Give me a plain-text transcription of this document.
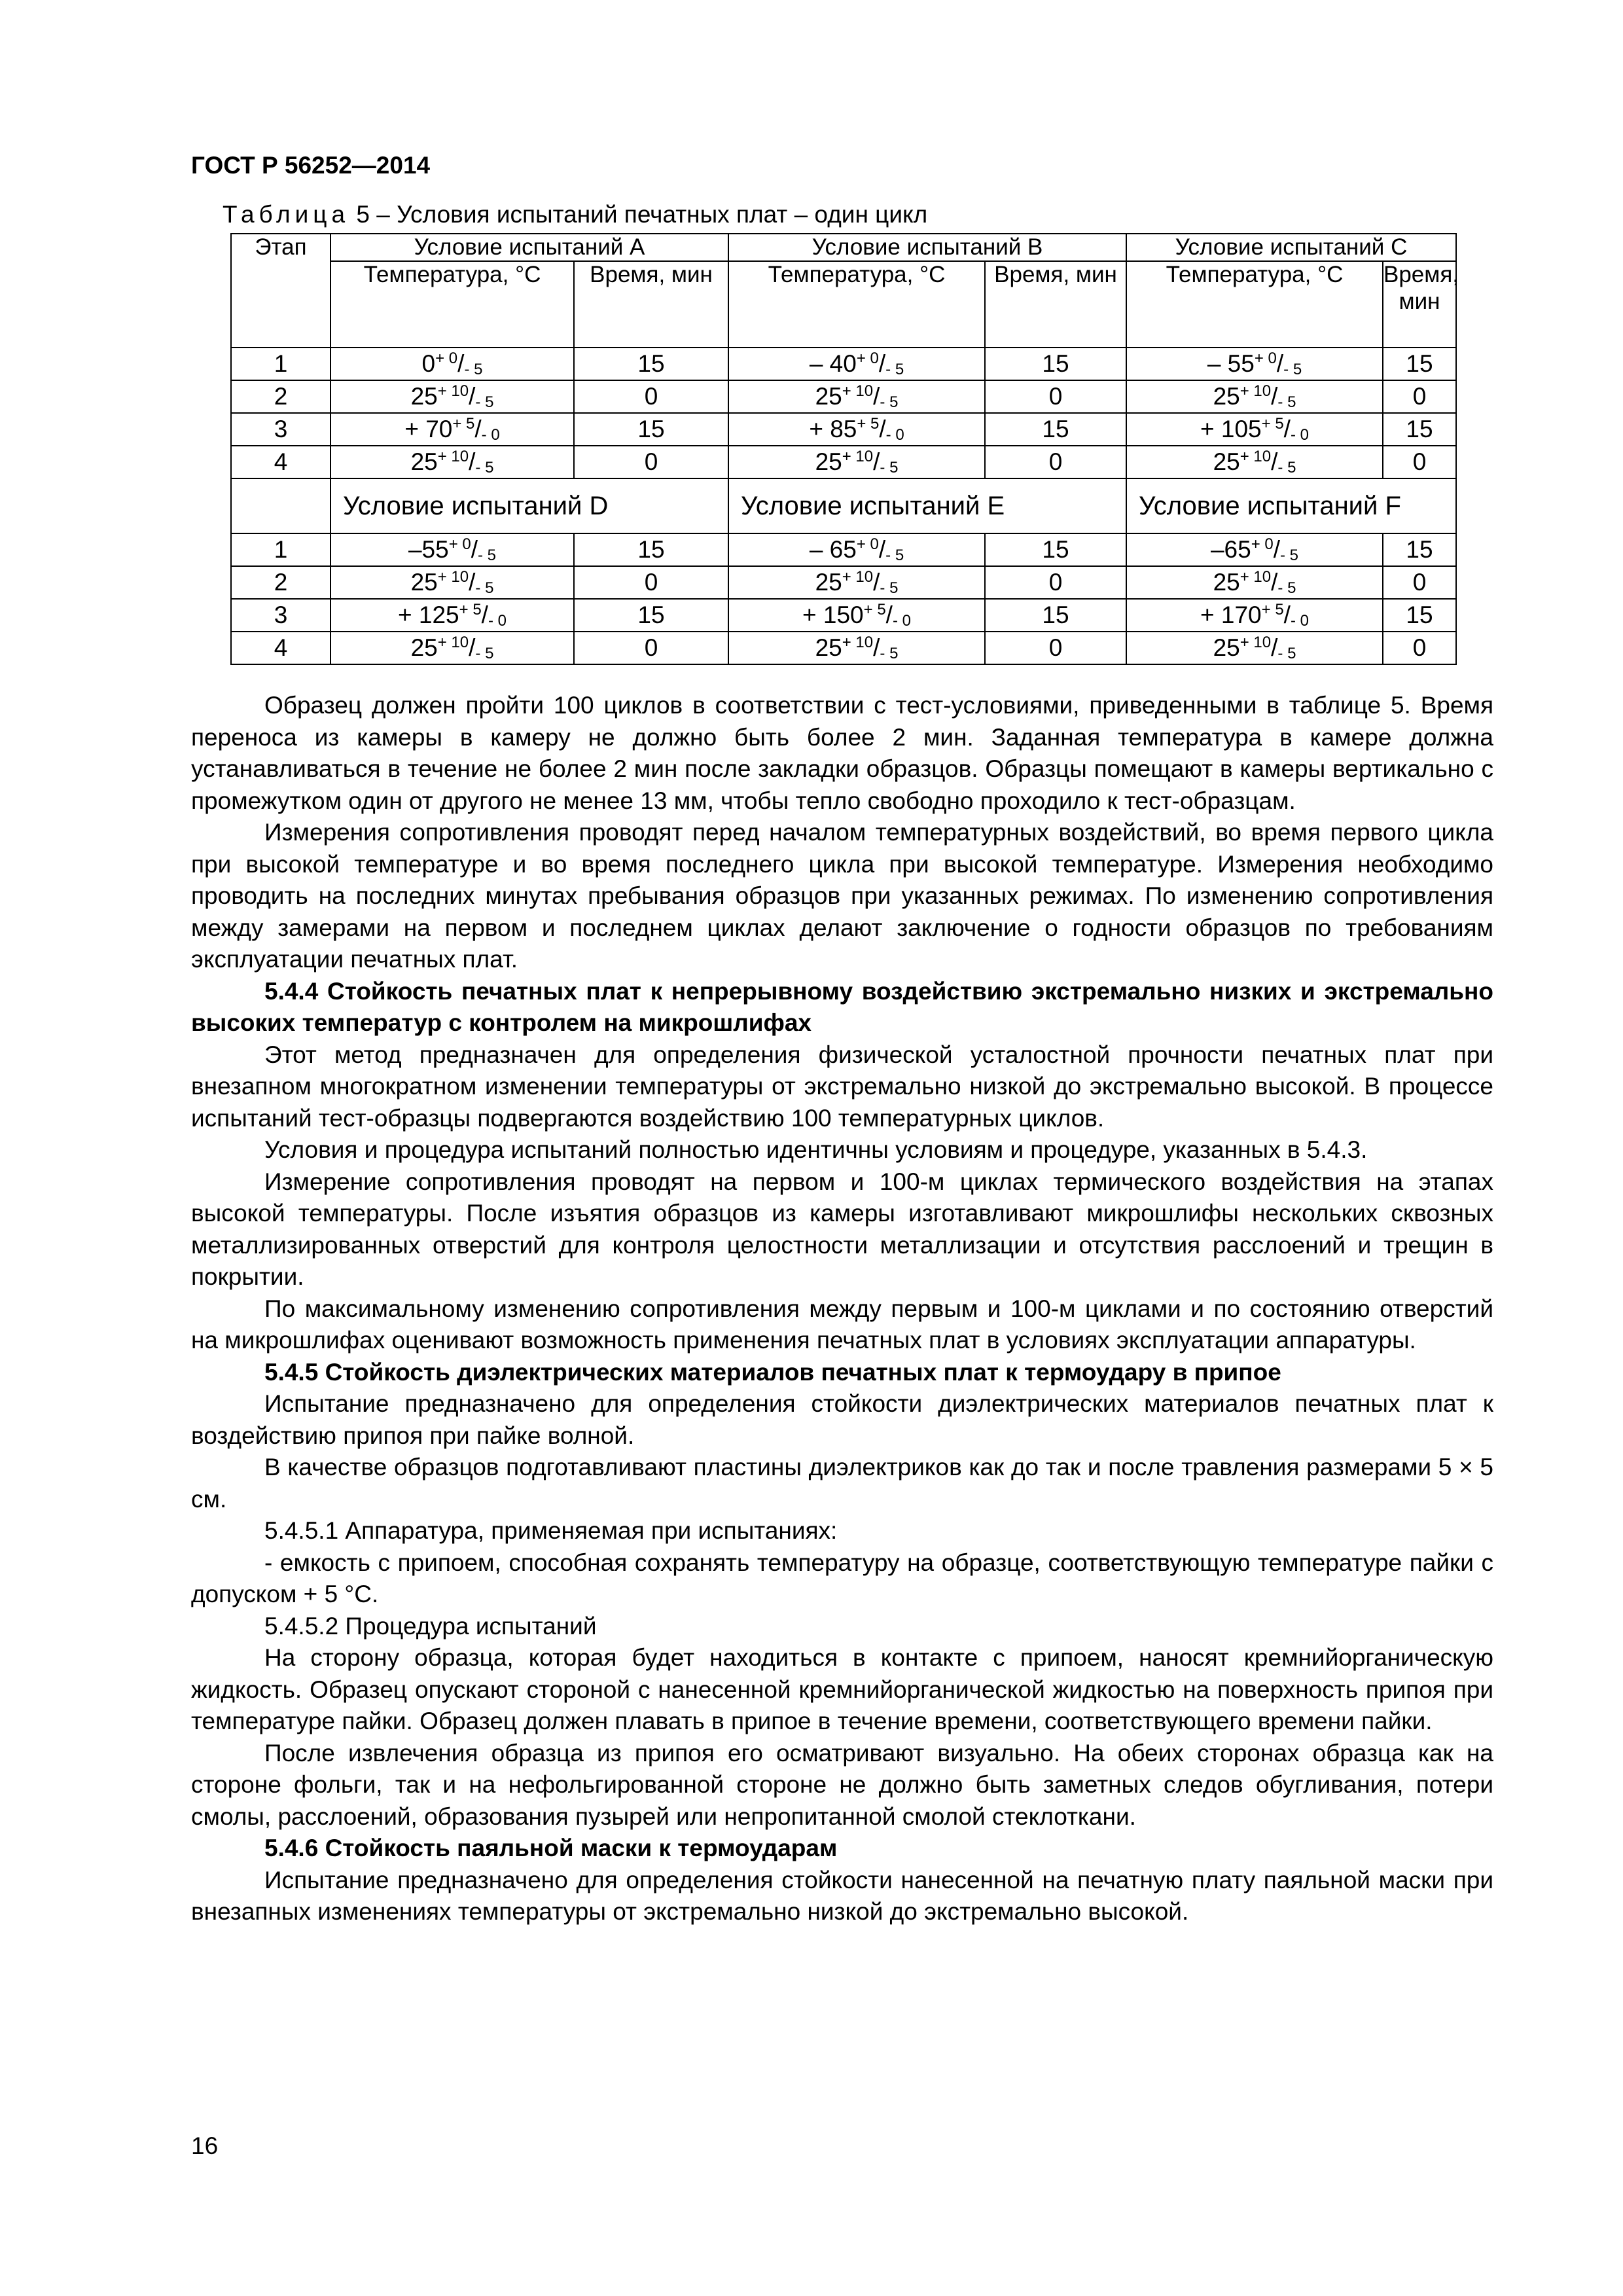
ГОСТ Р 56252—2014
Таблица 5 – Условия испытаний печатных плат – один цикл
Этап	Условие испытаний A		Условие испытаний B		Условие испытаний C	
	Температура, °С	Время, мин	Температура, °С	Время, мин	Температура, °С	Время, мин
1	$0^{+ 0}/_{- 5}$	15	– $40^{+ 0}/_{- 5}$	15	– $55^{+ 0}/_{- 5}$	15
2	$25^{+ 10}/_{- 5}$	0	$25^{+ 10}/_{- 5}$	0	$25^{+ 10}/_{- 5}$	0
3	+ $70^{+ 5}/_{- 0}$	15	+ $85^{+ 5}/_{- 0}$	15	+ $105^{+ 5}/_{- 0}$	15
4	$25^{+ 10}/_{- 5}$	0	$25^{+ 10}/_{- 5}$	0	$25^{+ 10}/_{- 5}$	0
	Условие испытаний D		Условие испытаний E		Условие испытаний F	
1	$-55^{+ 0}/_{- 5}$	15	– $65^{+ 0}/_{- 5}$	15	$-65^{+ 0}/_{- 5}$	15
2	$25^{+ 10}/_{- 5}$	0	$25^{+ 10}/_{- 5}$	0	$25^{+ 10}/_{- 5}$	0
3	+ $125^{+ 5}/_{- 0}$	15	+ $150^{+ 5}/_{- 0}$	15	+ $170^{+ 5}/_{- 0}$	15
4	$25^{+ 10}/_{- 5}$	0	$25^{+ 10}/_{- 5}$	0	$25^{+ 10}/_{- 5}$	0

Образец должен пройти 100 циклов в соответствии с тест-условиями, приведенными в таблице 5. Время переноса из камеры в камеру не должно быть более 2 мин. Заданная температура в камере должна устанавливаться в течение не более 2 мин после закладки образцов. Образцы помещают в камеры вертикально с промежутком один от другого не менее 13 мм, чтобы тепло свободно проходило к тест-образцам.

Измерения сопротивления проводят перед началом температурных воздействий, во время первого цикла при высокой температуре и во время последнего цикла при высокой температуре. Измерения необходимо проводить на последних минутах пребывания образцов при указанных режимах. По изменению сопротивления между замерами на первом и последнем циклах делают заключение о годности образцов по требованиям эксплуатации печатных плат.

5.4.4 Стойкость печатных плат к непрерывному воздействию экстремально низких и экстремально высоких температур с контролем на микрошлифах

Этот метод предназначен для определения физической усталостной прочности печатных плат при внезапном многократном изменении температуры от экстремально низкой до экстремально высокой. В процессе испытаний тест-образцы подвергаются воздействию 100 температурных циклов.

Условия и процедура испытаний полностью идентичны условиям и процедуре, указанных в 5.4.3.

Измерение сопротивления проводят на первом и 100-м циклах термического воздействия на этапах высокой температуры. После изъятия образцов из камеры изготавливают микрошлифы нескольких сквозных металлизированных отверстий для контроля целостности металлизации и отсутствия расслоений и трещин в покрытии.

По максимальному изменению сопротивления между первым и 100-м циклами и по состоянию отверстий на микрошлифах оценивают возможность применения печатных плат в условиях эксплуатации аппаратуры.

5.4.5 Стойкость диэлектрических материалов печатных плат к термоудару в припое

Испытание предназначено для определения стойкости диэлектрических материалов печатных плат к воздействию припоя при пайке волной.

В качестве образцов подготавливают пластины диэлектриков как до так и после травления размерами 5 × 5 см.

5.4.5.1 Аппаратура, применяемая при испытаниях:

- емкость с припоем, способная сохранять температуру на образце, соответствующую температуре пайки с допуском + 5 °С.

5.4.5.2 Процедура испытаний

На сторону образца, которая будет находиться в контакте с припоем, наносят кремнийорганическую жидкость. Образец опускают стороной с нанесенной кремнийорганической жидкостью на поверхность припоя при температуре пайки. Образец должен плавать в припое в течение времени, соответствующего времени пайки.

После извлечения образца из припоя его осматривают визуально. На обеих сторонах образца как на стороне фольги, так и на нефольгированной стороне не должно быть заметных следов обугливания, потери смолы, расслоений, образования пузырей или непропитанной смолой стеклоткани.

5.4.6 Стойкость паяльной маски к термоударам

Испытание предназначено для определения стойкости нанесенной на печатную плату паяльной маски при внезапных изменениях температуры от экстремально низкой до экстремально высокой.

16
